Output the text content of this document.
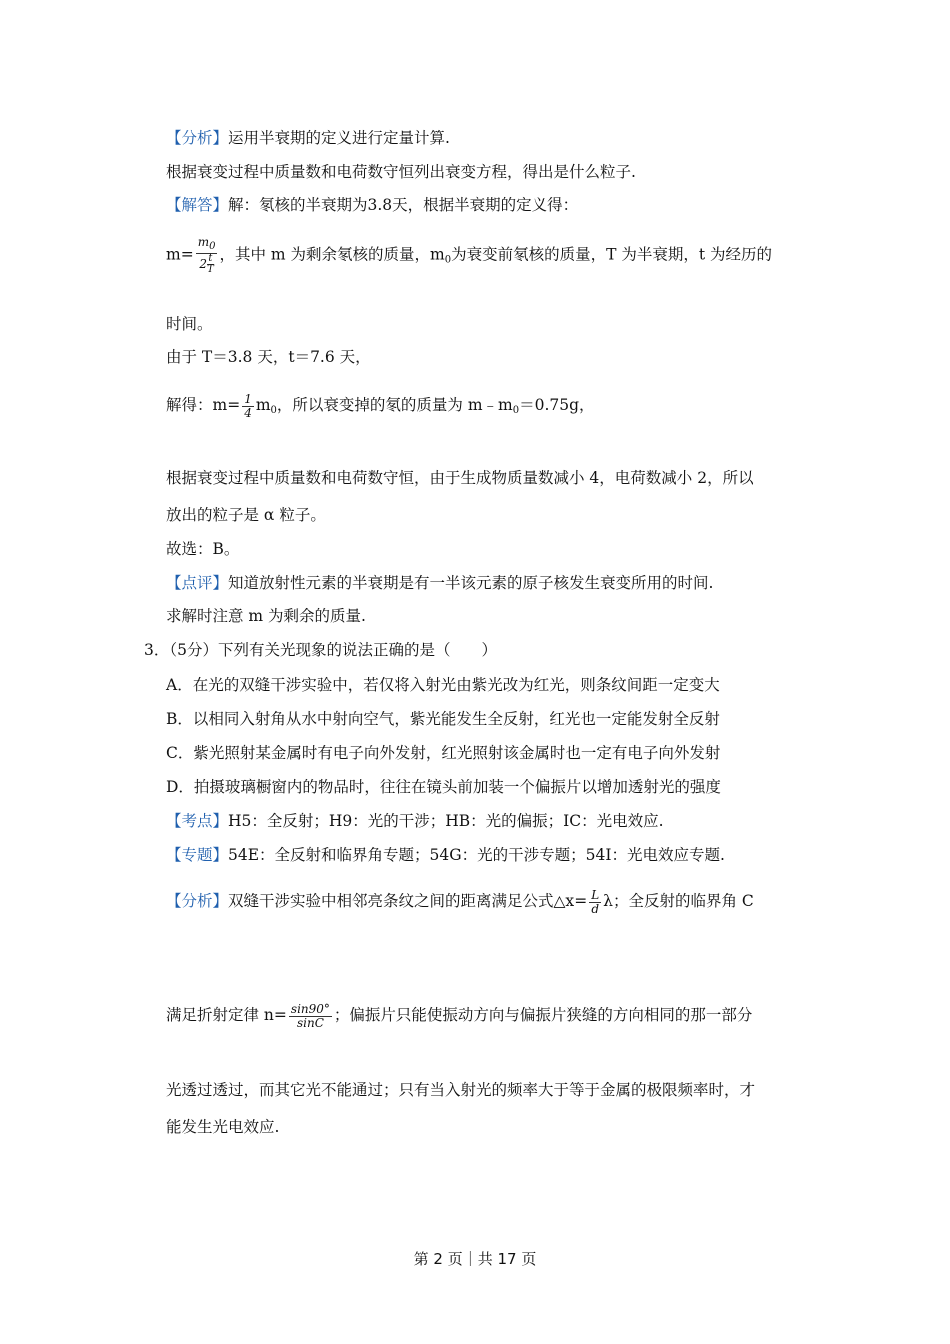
【分析】运用半衰期的定义进行定量计算.
根据衰变过程中质量数和电荷数守恒列出衰变方程，得出是什么粒子.
【解答】解：氡核的半衰期为3.8天，根据半衰期的定义得：
$m= \frac{m_0}{2 \frac{t}{T}}$ ，其中 m 为剩余氡核的质量，$m_0$为衰变前氡核的质量，T 为半衰期，t 为经历的
时间。
由于 T＝3.8 天，t＝7.6 天，
解得：$m= \frac{1}{4} m_0$，所以衰变掉的氡的质量为 $m﹣m_0=0.75g$，
根据衰变过程中质量数和电荷数守恒，由于生成物质量数减小 4，电荷数减小 2，所以
放出的粒子是 α 粒子。
故选：B。
【点评】知道放射性元素的半衰期是有一半该元素的原子核发生衰变所用的时间.
求解时注意 m 为剩余的质量.
3．（5分）下列有关光现象的说法正确的是（　　）
A．在光的双缝干涉实验中，若仅将入射光由紫光改为红光，则条纹间距一定变大
B．以相同入射角从水中射向空气，紫光能发生全反射，红光也一定能发射全反射
C．紫光照射某金属时有电子向外发射，红光照射该金属时也一定有电子向外发射
D．拍摄玻璃橱窗内的物品时，往往在镜头前加装一个偏振片以增加透射光的强度
【考点】H5：全反射；H9：光的干涉；HB：光的偏振；IC：光电效应.
【专题】54E：全反射和临界角专题；54G：光的干涉专题；54I：光电效应专题.
【分析】双缝干涉实验中相邻亮条纹之间的距离满足公式△x= $\frac{L}{d}$ λ；全反射的临界角 C
满足折射定律 $n= \frac{\sin 90^\circ}{\sin C}$ ；偏振片只能使振动方向与偏振片狭缝的方向相同的那一部分
光透过透过，而其它光不能通过；只有当入射光的频率大于等于金属的极限频率时，才
能发生光电效应.
第 2 页｜共 17 页
